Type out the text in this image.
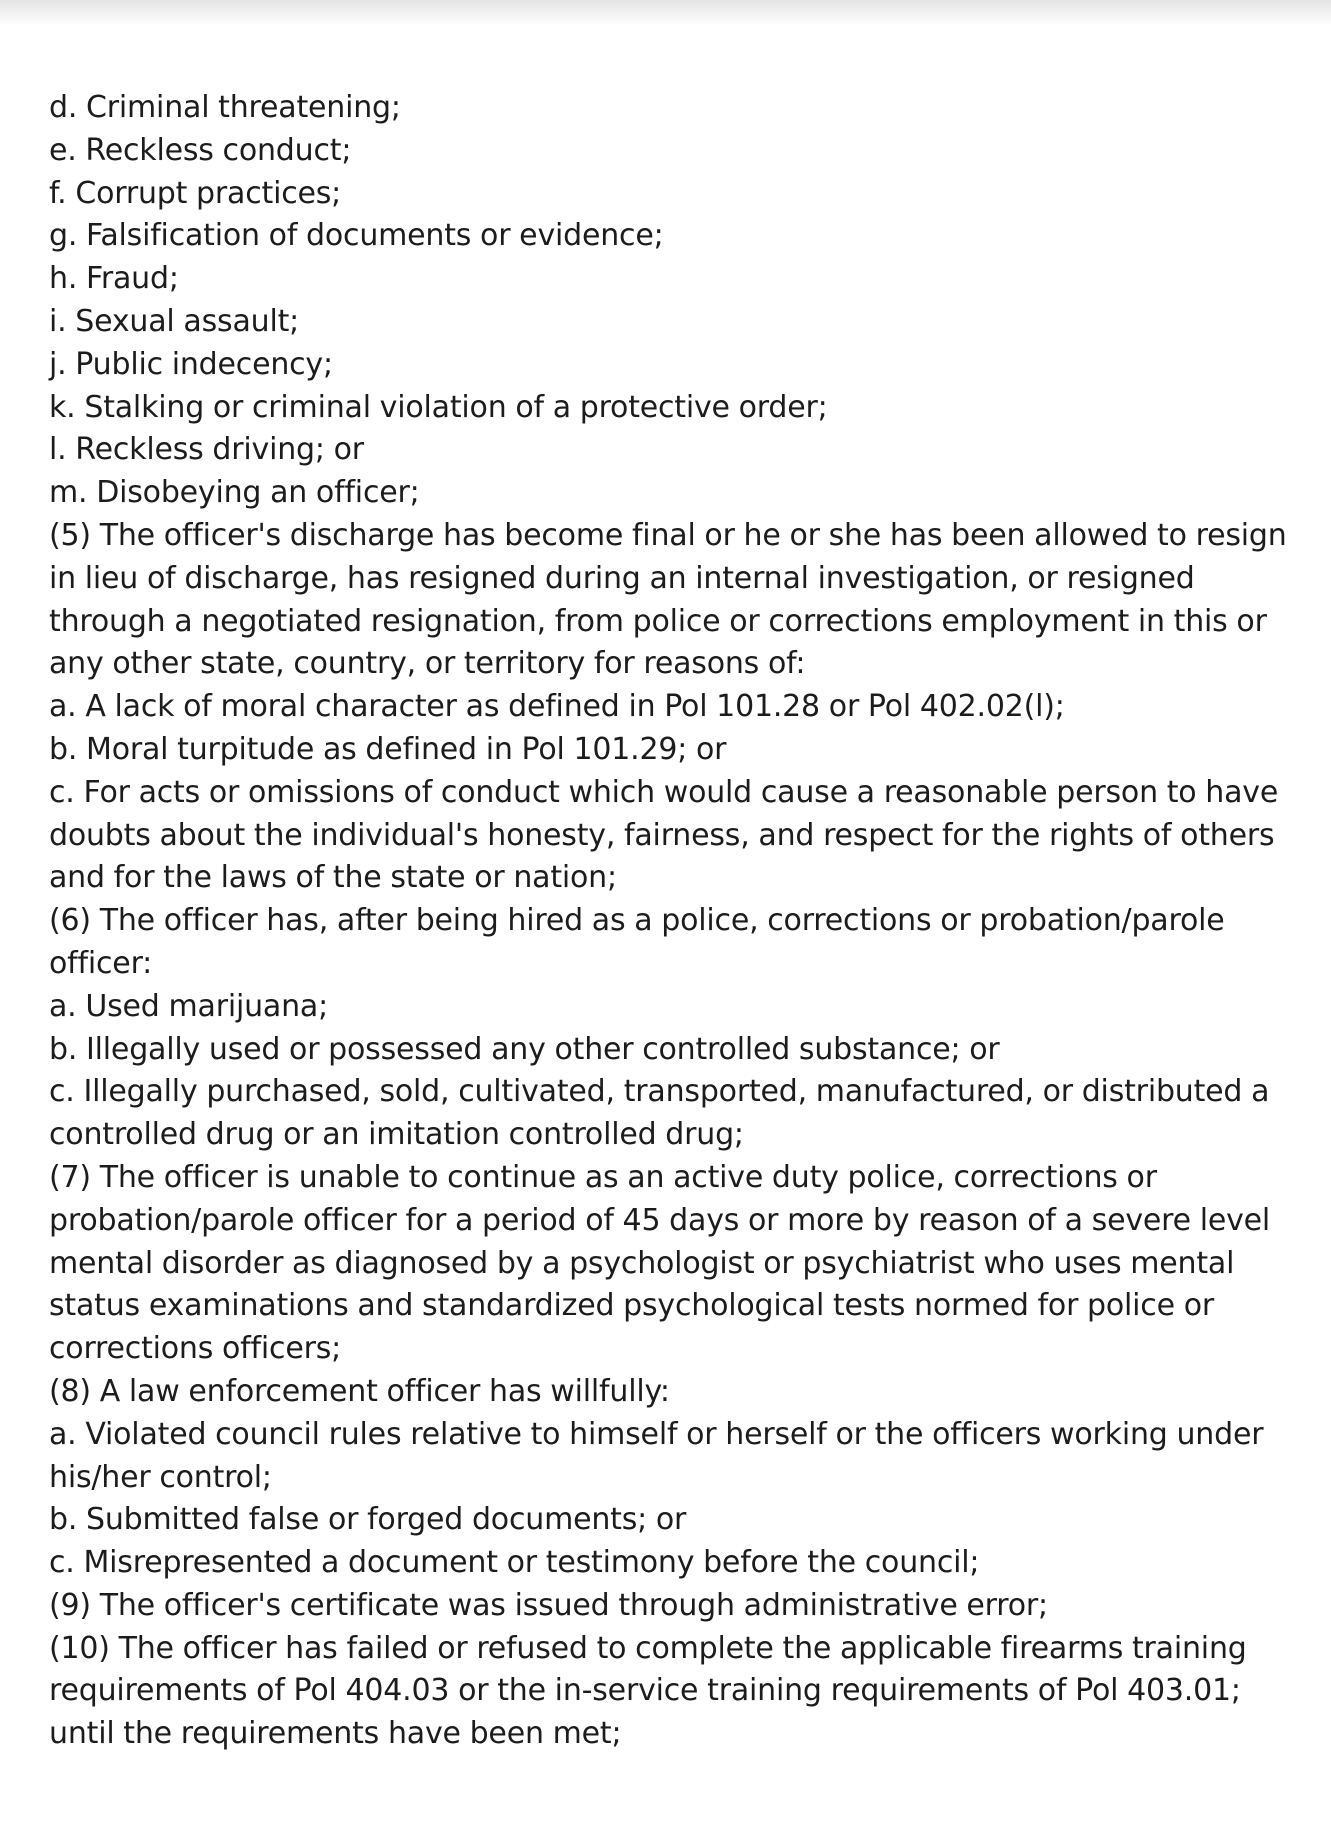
d. Criminal threatening;
e. Reckless conduct;
f. Corrupt practices;
g. Falsification of documents or evidence;
h. Fraud;
i. Sexual assault;
j. Public indecency;
k. Stalking or criminal violation of a protective order;
l. Reckless driving; or
m. Disobeying an officer;
(5) The officer's discharge has become final or he or she has been allowed to resign
in lieu of discharge, has resigned during an internal investigation, or resigned
through a negotiated resignation, from police or corrections employment in this or
any other state, country, or territory for reasons of:
a. A lack of moral character as defined in Pol 101.28 or Pol 402.02(l);
b. Moral turpitude as defined in Pol 101.29; or
c. For acts or omissions of conduct which would cause a reasonable person to have
doubts about the individual's honesty, fairness, and respect for the rights of others
and for the laws of the state or nation;
(6) The officer has, after being hired as a police, corrections or probation/parole
officer:
a. Used marijuana;
b. Illegally used or possessed any other controlled substance; or
c. Illegally purchased, sold, cultivated, transported, manufactured, or distributed a
controlled drug or an imitation controlled drug;
(7) The officer is unable to continue as an active duty police, corrections or
probation/parole officer for a period of 45 days or more by reason of a severe level
mental disorder as diagnosed by a psychologist or psychiatrist who uses mental
status examinations and standardized psychological tests normed for police or
corrections officers;
(8) A law enforcement officer has willfully:
a. Violated council rules relative to himself or herself or the officers working under
his/her control;
b. Submitted false or forged documents; or
c. Misrepresented a document or testimony before the council;
(9) The officer's certificate was issued through administrative error;
(10) The officer has failed or refused to complete the applicable firearms training
requirements of Pol 404.03 or the in-service training requirements of Pol 403.01;
until the requirements have been met;
